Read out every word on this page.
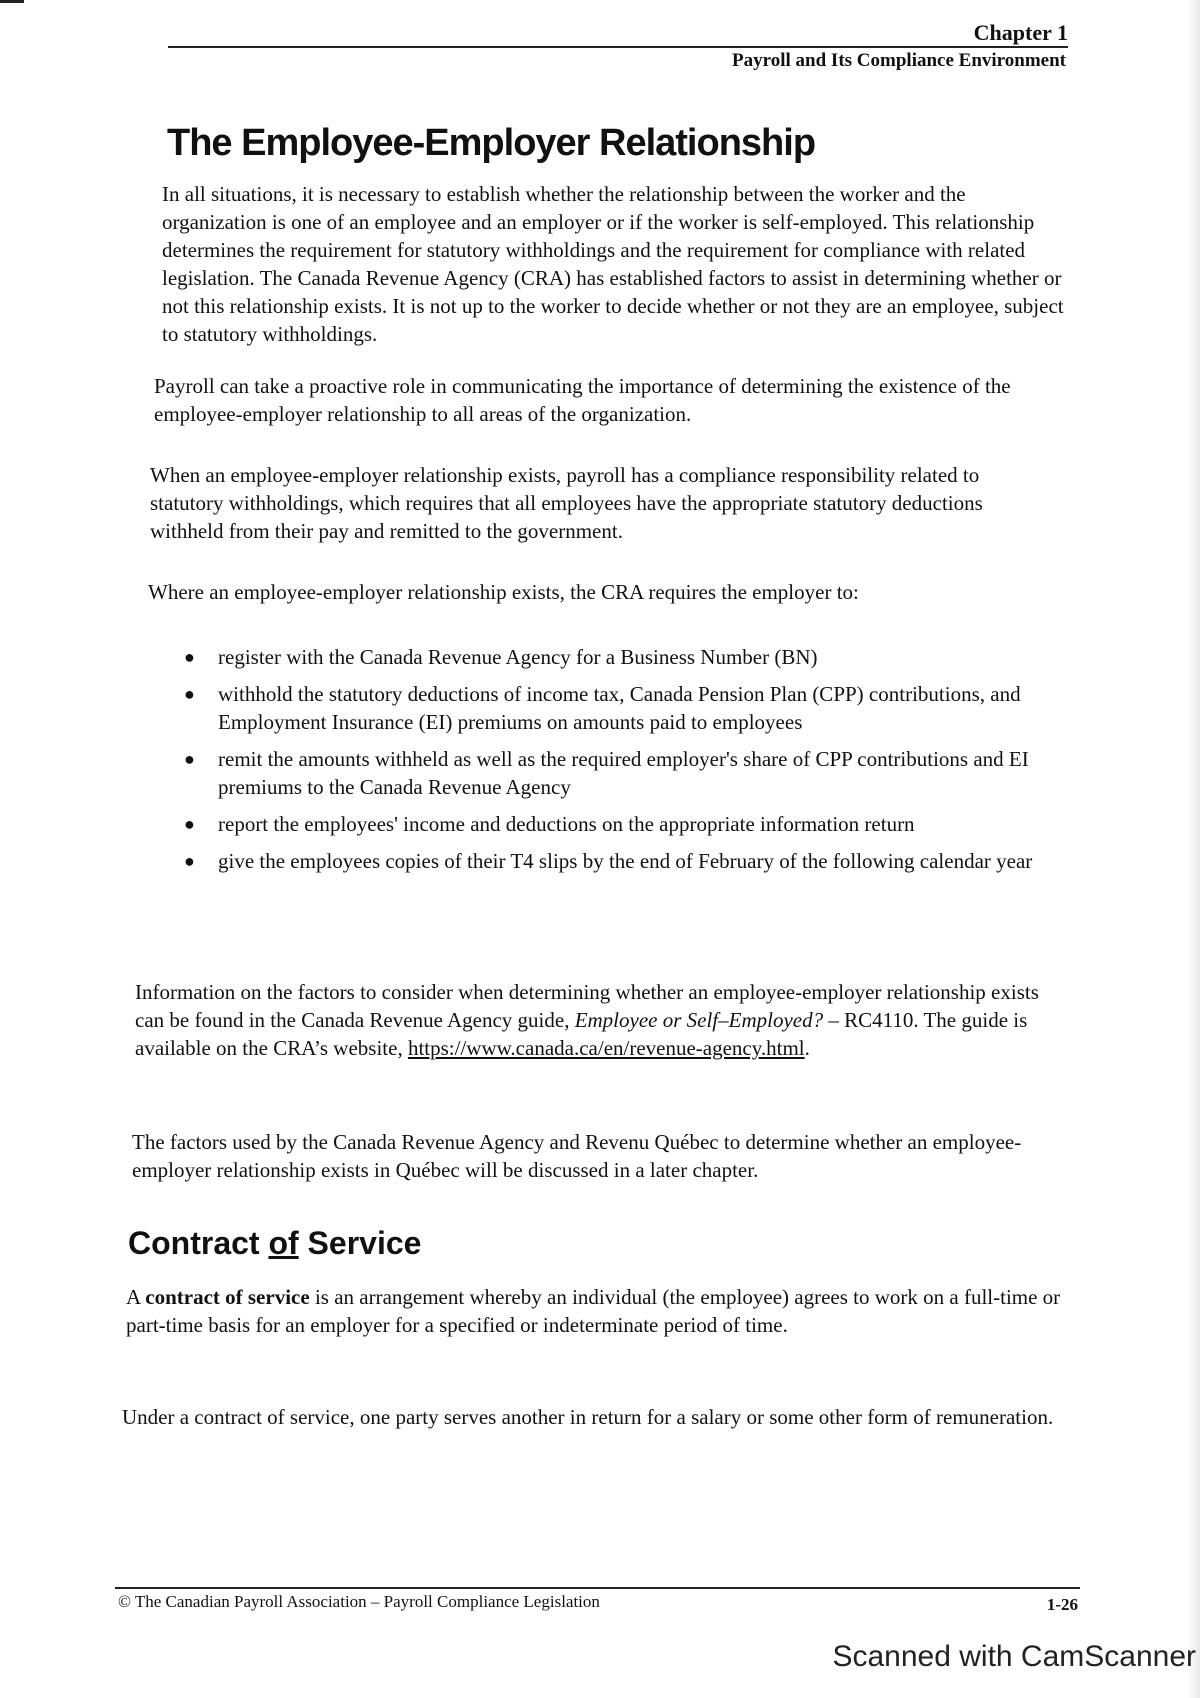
Chapter 1
Payroll and Its Compliance Environment
The Employee-Employer Relationship

In all situations, it is necessary to establish whether the relationship between the worker and the organization is one of an employee and an employer or if the worker is self-employed. This relationship determines the requirement for statutory withholdings and the requirement for compliance with related legislation. The Canada Revenue Agency (CRA) has established factors to assist in determining whether or not this relationship exists. It is not up to the worker to decide whether or not they are an employee, subject to statutory withholdings.

Payroll can take a proactive role in communicating the importance of determining the existence of the employee-employer relationship to all areas of the organization.

When an employee-employer relationship exists, payroll has a compliance responsibility related to statutory withholdings, which requires that all employees have the appropriate statutory deductions withheld from their pay and remitted to the government.

Where an employee-employer relationship exists, the CRA requires the employer to:

● register with the Canada Revenue Agency for a Business Number (BN)
● withhold the statutory deductions of income tax, Canada Pension Plan (CPP) contributions, and Employment Insurance (EI) premiums on amounts paid to employees
● remit the amounts withheld as well as the required employer's share of CPP contributions and EI premiums to the Canada Revenue Agency
● report the employees' income and deductions on the appropriate information return
● give the employees copies of their T4 slips by the end of February of the following calendar year

Information on the factors to consider when determining whether an employee-employer relationship exists can be found in the Canada Revenue Agency guide, Employee or Self–Employed? – RC4110. The guide is available on the CRA’s website, https://www.canada.ca/en/revenue-agency.html.

The factors used by the Canada Revenue Agency and Revenu Québec to determine whether an employee-employer relationship exists in Québec will be discussed in a later chapter.

Contract of Service

A contract of service is an arrangement whereby an individual (the employee) agrees to work on a full-time or part-time basis for an employer for a specified or indeterminate period of time.

Under a contract of service, one party serves another in return for a salary or some other form of remuneration.

© The Canadian Payroll Association – Payroll Compliance Legislation	1-26
Scanned with CamScanner
